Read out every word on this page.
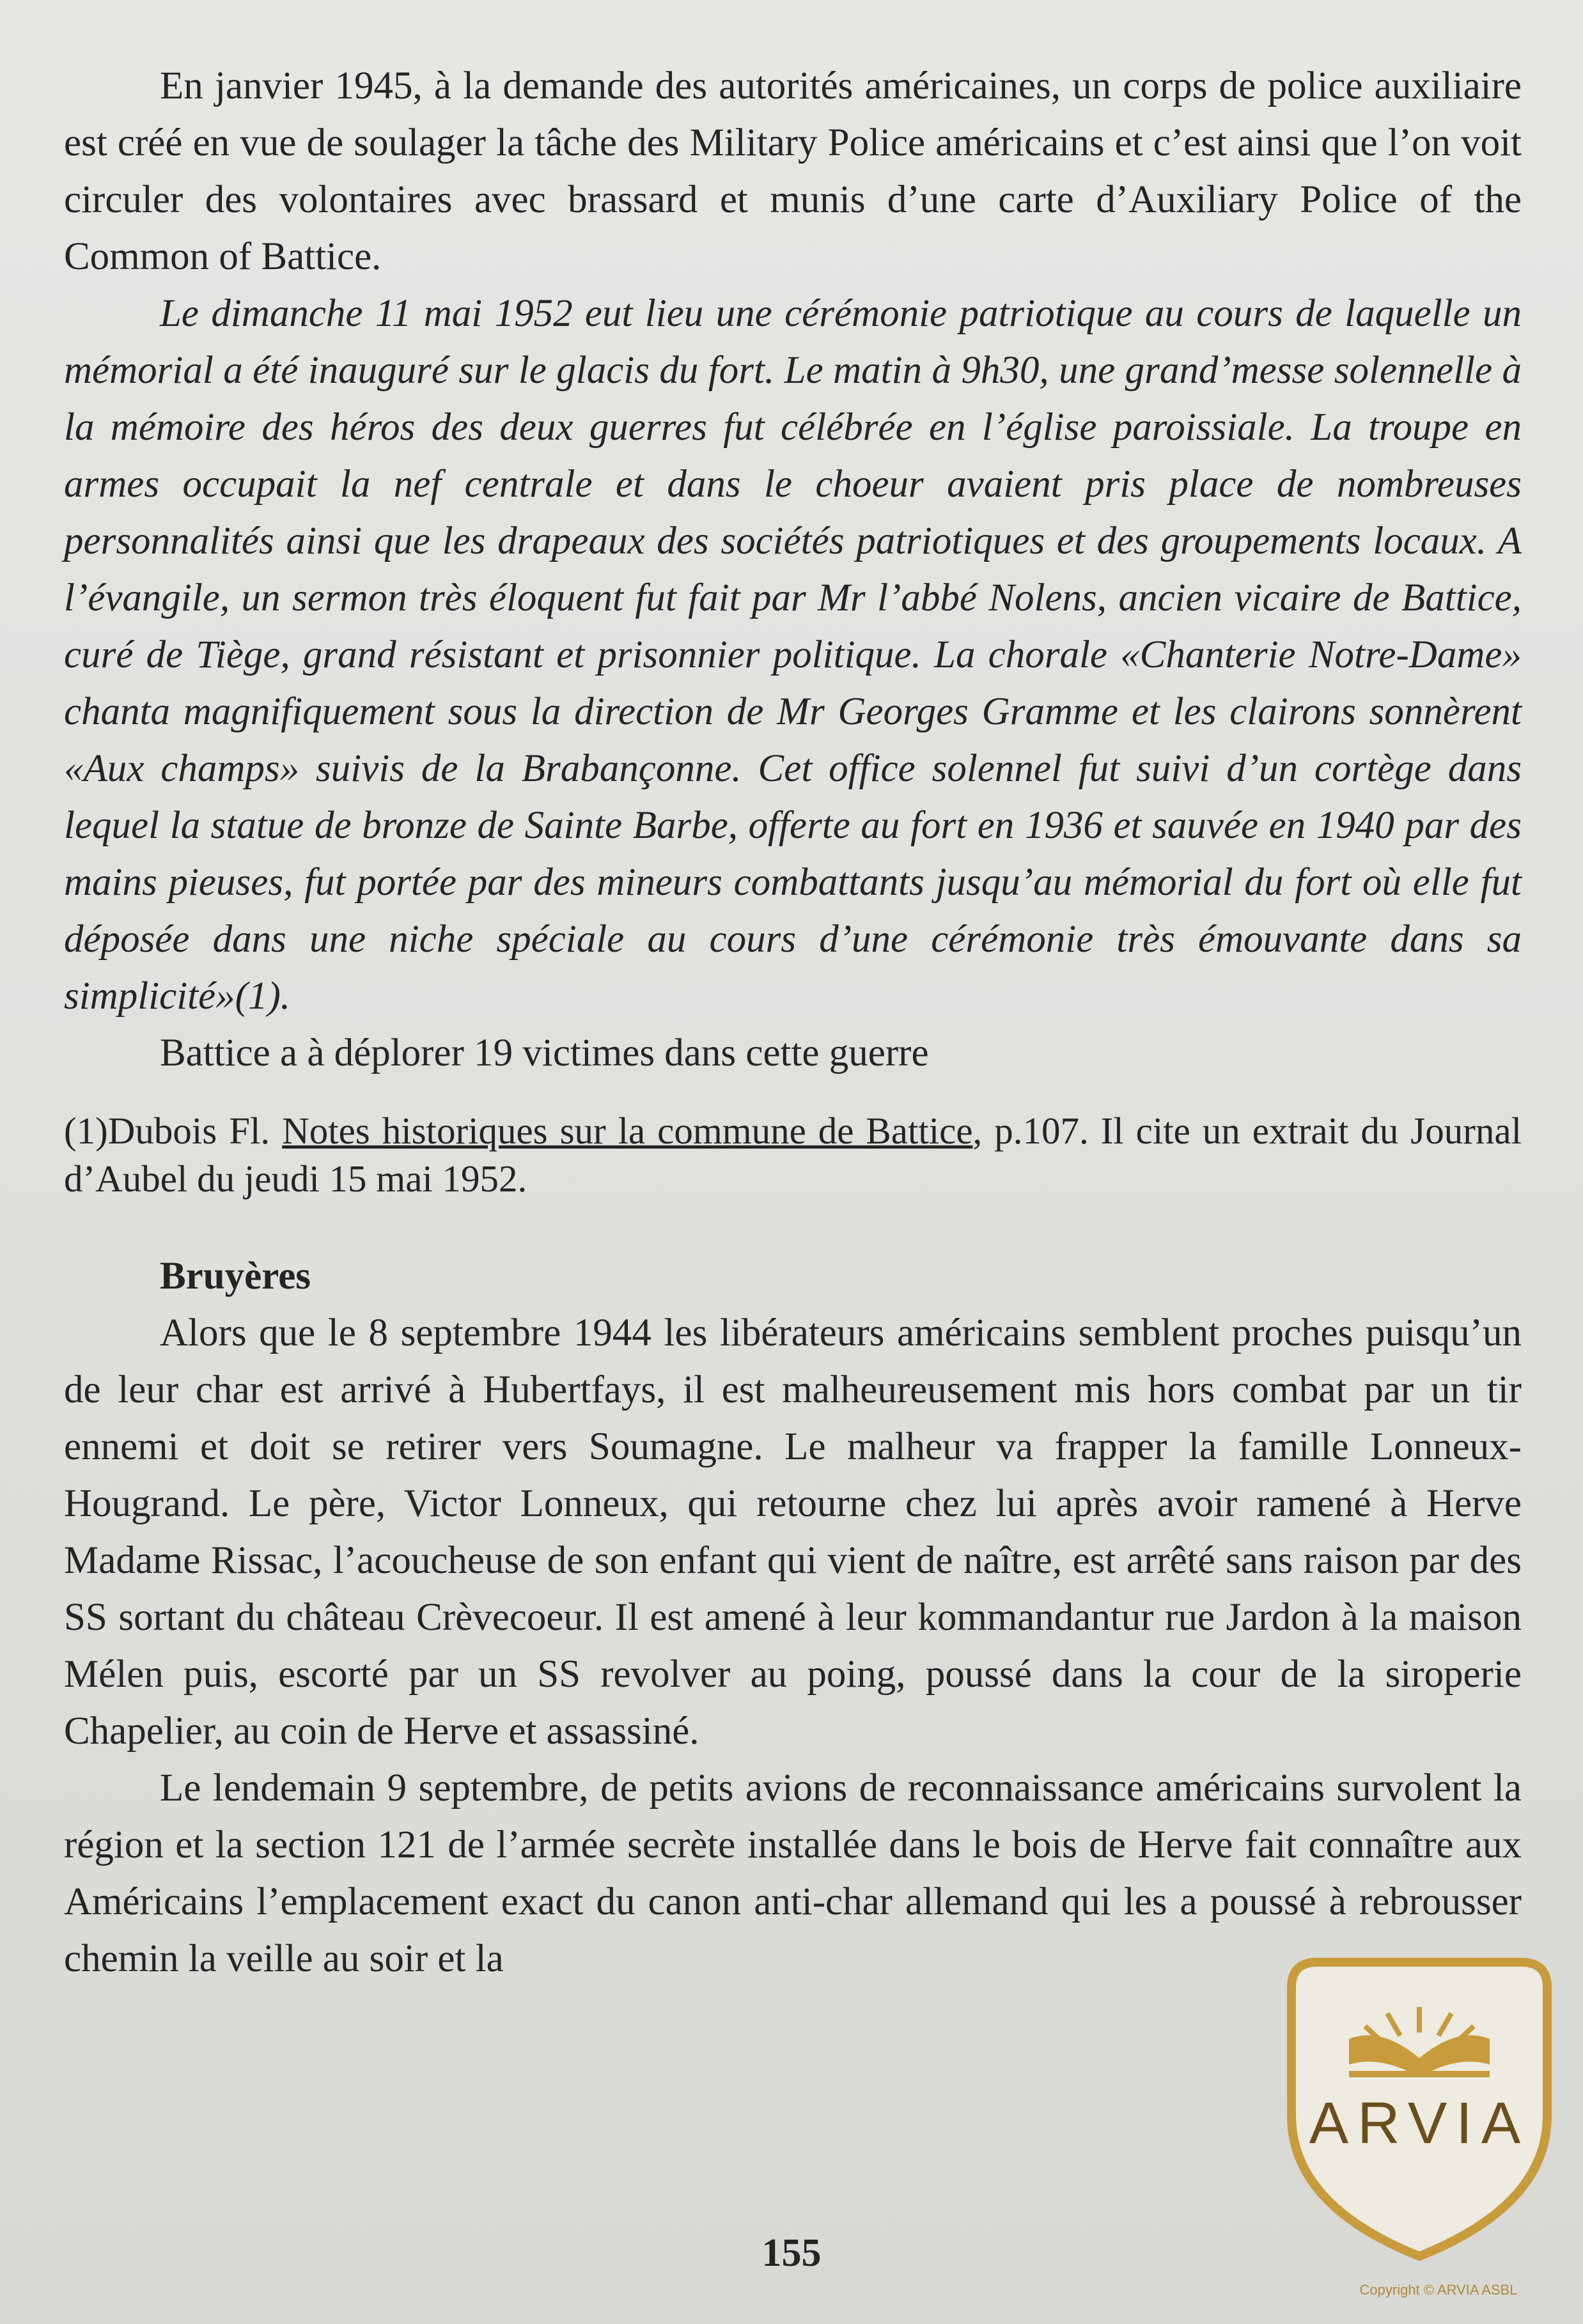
En janvier 1945, à la demande des autorités américaines, un corps de police auxiliaire est créé en vue de soulager la tâche des Military Police américains et c’est ainsi que l’on voit circuler des volontaires avec brassard et munis d’une carte d’Auxiliary Police of the Common of Battice.

Le dimanche 11 mai 1952 eut lieu une cérémonie patriotique au cours de laquelle un mémorial a été inauguré sur le glacis du fort. Le matin à 9h30, une grand’messe solennelle à la mémoire des héros des deux guerres fut célébrée en l’église paroissiale. La troupe en armes occupait la nef centrale et dans le choeur avaient pris place de nombreuses personnalités ainsi que les drapeaux des sociétés patriotiques et des groupements locaux. A l’évangile, un sermon très éloquent fut fait par Mr l’abbé Nolens, ancien vicaire de Battice, curé de Tiège, grand résistant et prisonnier politique. La chorale «Chanterie Notre-Dame» chanta magnifiquement sous la direction de Mr Georges Gramme et les clairons sonnèrent «Aux champs» suivis de la Brabançonne. Cet office solennel fut suivi d’un cortège dans lequel la statue de bronze de Sainte Barbe, offerte au fort en 1936 et sauvée en 1940 par des mains pieuses, fut portée par des mineurs combattants jusqu’au mémorial du fort où elle fut déposée dans une niche spéciale au cours d’une cérémonie très émouvante dans sa simplicité»(1).

Battice a à déplorer 19 victimes dans cette guerre

(1)Dubois Fl. Notes historiques sur la commune de Battice, p.107. Il cite un extrait du Journal d’Aubel du jeudi 15 mai 1952.

Bruyères

Alors que le 8 septembre 1944 les libérateurs américains semblent proches puisqu’un de leur char est arrivé à Hubertfays, il est malheureusement mis hors combat par un tir ennemi et doit se retirer vers Soumagne. Le malheur va frapper la famille Lonneux-Hougrand. Le père, Victor Lonneux, qui retourne chez lui après avoir ramené à Herve Madame Rissac, l’acoucheuse de son enfant qui vient de naître, est arrêté sans raison par des SS sortant du château Crèvecoeur. Il est amené à leur kommandantur rue Jardon à la maison Mélen puis, escorté par un SS revolver au poing, poussé dans la cour de la siroperie Chapelier, au coin de Herve et assassiné.

Le lendemain 9 septembre, de petits avions de reconnaissance américains survolent la région et la section 121 de l’armée secrète installée dans le bois de Herve fait connaître aux Américains l’emplacement exact du canon anti-char allemand qui les a poussé à rebrousser chemin la veille au soir et la

155
ARVIA
Copyright © ARVIA ASBL
